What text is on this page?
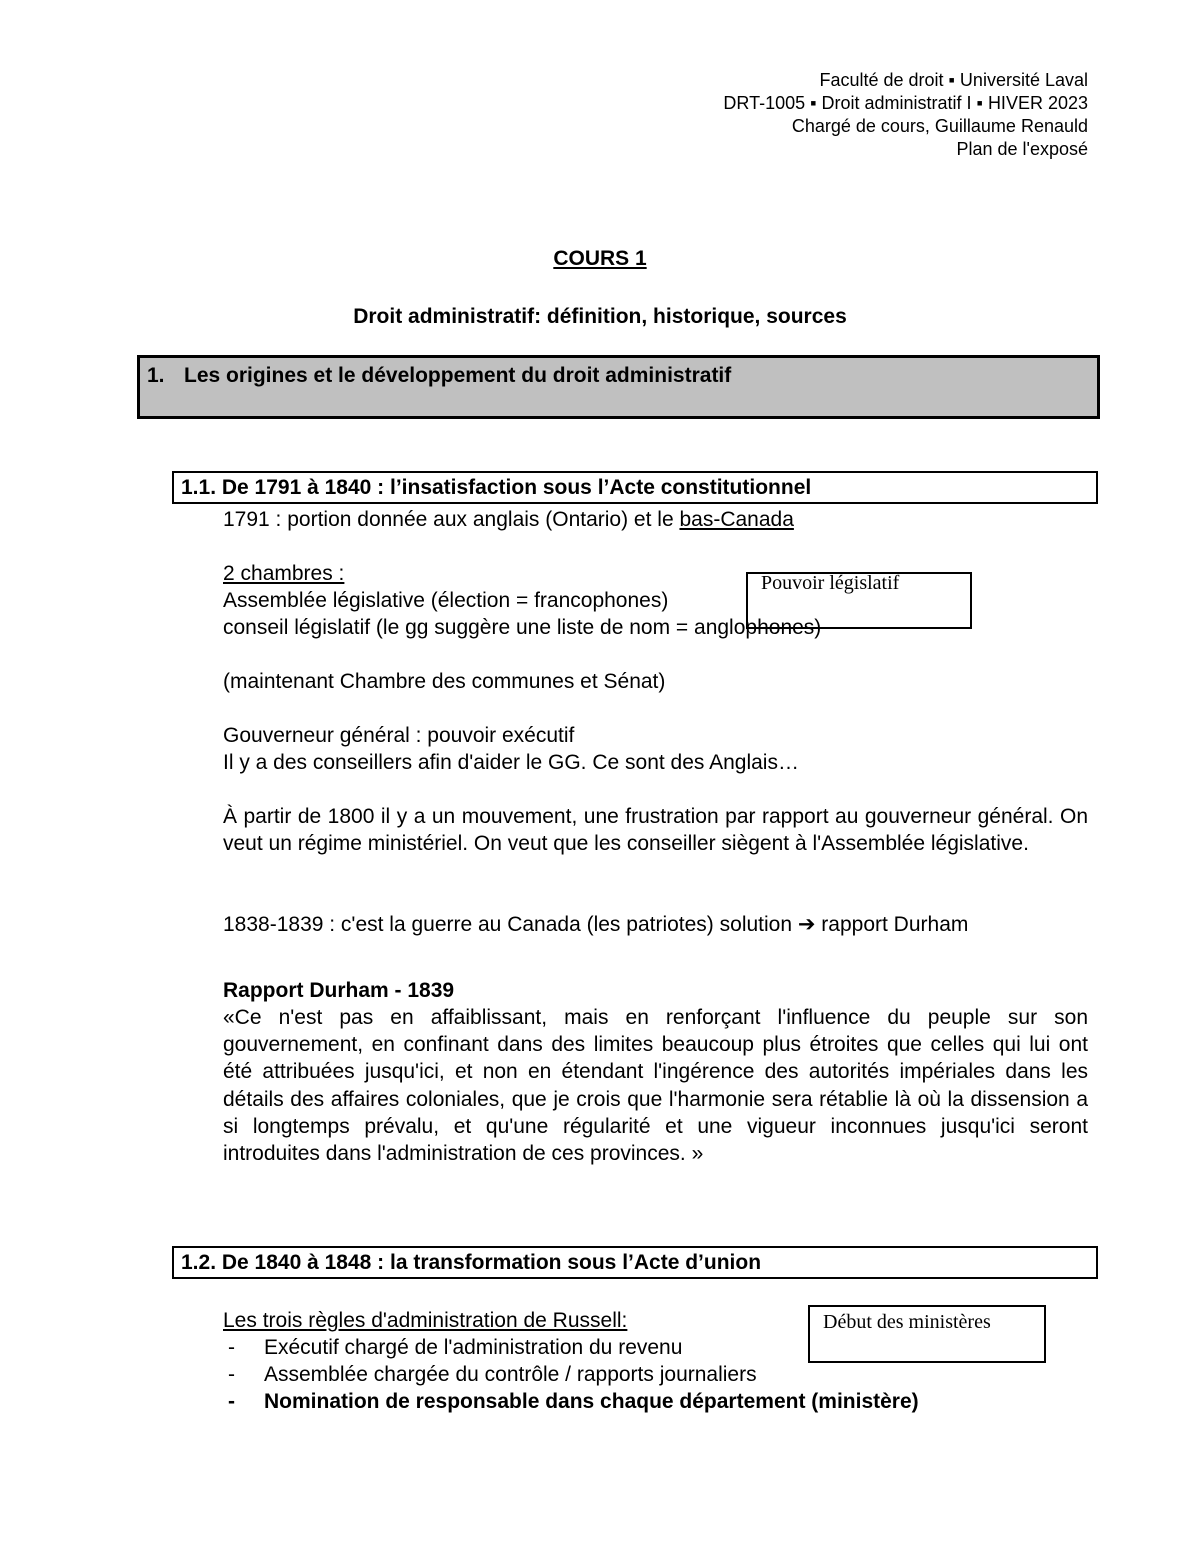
Faculté de droit ▪ Université Laval
DRT-1005 ▪ Droit administratif I ▪ HIVER 2023
Chargé de cours, Guillaume Renauld
Plan de l'exposé
COURS 1
Droit administratif: définition, historique, sources
1. Les origines et le développement du droit administratif
1.1. De 1791 à 1840 : l’insatisfaction sous l’Acte constitutionnel
1791 : portion donnée aux anglais (Ontario) et le bas-Canada
2 chambres :
Assemblée législative (élection = francophones)
conseil législatif (le gg suggère une liste de nom = anglophones)
Pouvoir législatif
(maintenant Chambre des communes et Sénat)
Gouverneur général : pouvoir exécutif
Il y a des conseillers afin d'aider le GG. Ce sont des Anglais…
À partir de 1800 il y a un mouvement, une frustration par rapport au gouverneur général. On veut un régime ministériel. On veut que les conseiller siègent à l'Assemblée législative.
1838-1839 : c'est la guerre au Canada (les patriotes) solution ➔ rapport Durham
Rapport Durham - 1839
«Ce n'est pas en affaiblissant, mais en renforçant l'influence du peuple sur son gouvernement, en confinant dans des limites beaucoup plus étroites que celles qui lui ont été attribuées jusqu'ici, et non en étendant l'ingérence des autorités impériales dans les détails des affaires coloniales, que je crois que l'harmonie sera rétablie là où la dissension a si longtemps prévalu, et qu'une régularité et une vigueur inconnues jusqu'ici seront introduites dans l'administration de ces provinces. »
1.2. De 1840 à 1848 : la transformation sous l’Acte d’union
Les trois règles d'administration de Russell:	Début des ministères
- Exécutif chargé de l'administration du revenu
- Assemblée chargée du contrôle / rapports journaliers
- Nomination de responsable dans chaque département (ministère)
